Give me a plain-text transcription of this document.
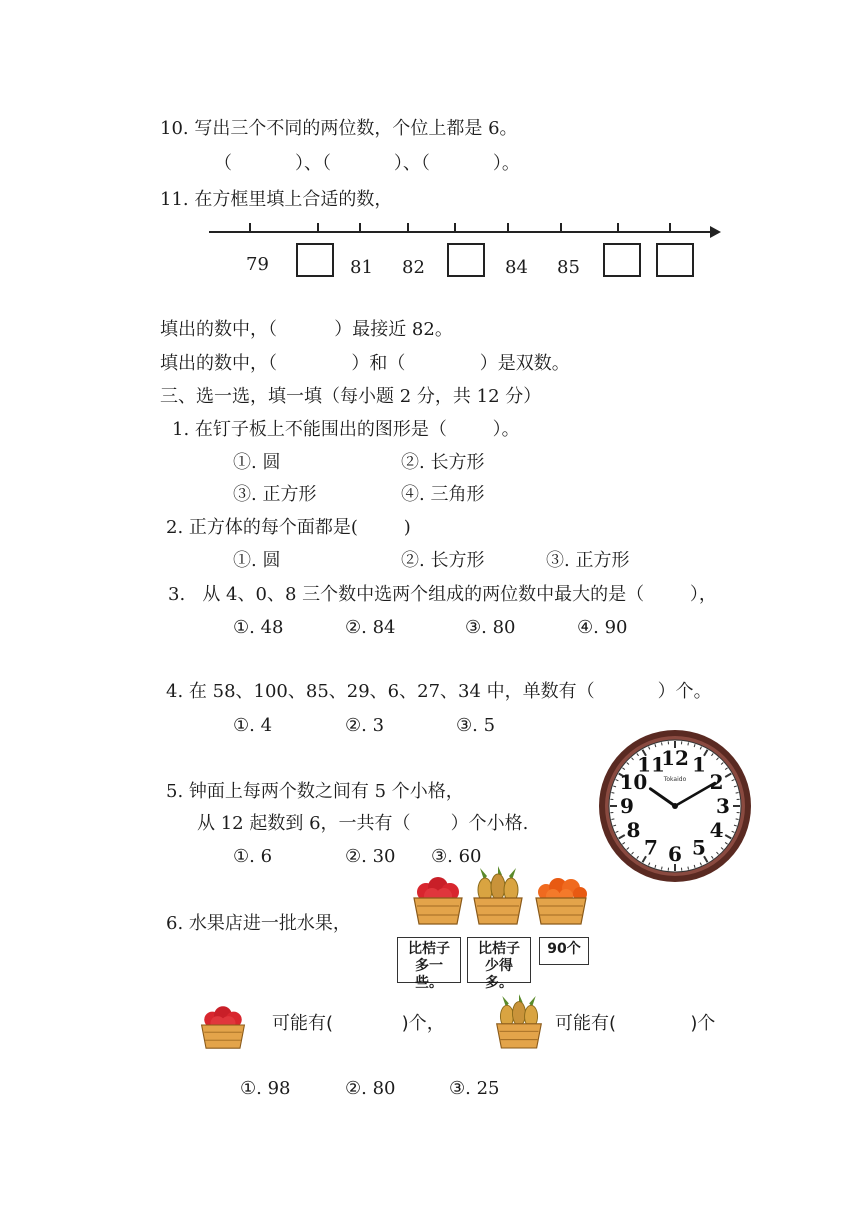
10. 写出三个不同的两位数，个位上都是 6。
（           ）、（           ）、（           ）。
11. 在方框里填上合适的数，
79	81 82	84 85
填出的数中，（          ）最接近 82。
填出的数中，（             ）和（             ）是双数。
三、选一选，填一填（每小题 2 分，共 12 分）
1. 在钉子板上不能围出的图形是（        ）。
①. 圆	②. 长方形
③. 正方形	④. 三角形
2. 正方体的每个面都是(        )
①. 圆	②. 长方形	③. 正方形
3.   从 4、0、8 三个数中选两个组成的两位数中最大的是（        ），
①. 48	②. 84	③. 80	④. 90
4. 在 58、100、85、29、6、27、34 中，单数有（           ）个。
①. 4	②. 3	③. 5
5. 钟面上每两个数之间有 5 个小格，
从 12 起数到 6，一共有（       ）个小格.
①. 6	②. 30 ③. 60
12 1
2
3
4
5
6
7
8
9
10
11
Tokaido
6. 水果店进一批水果，
比桔子
多一些。
比桔子
少得多。
90个
可能有(            )个，	可能有(             )个
①. 98	②. 80	③. 25
